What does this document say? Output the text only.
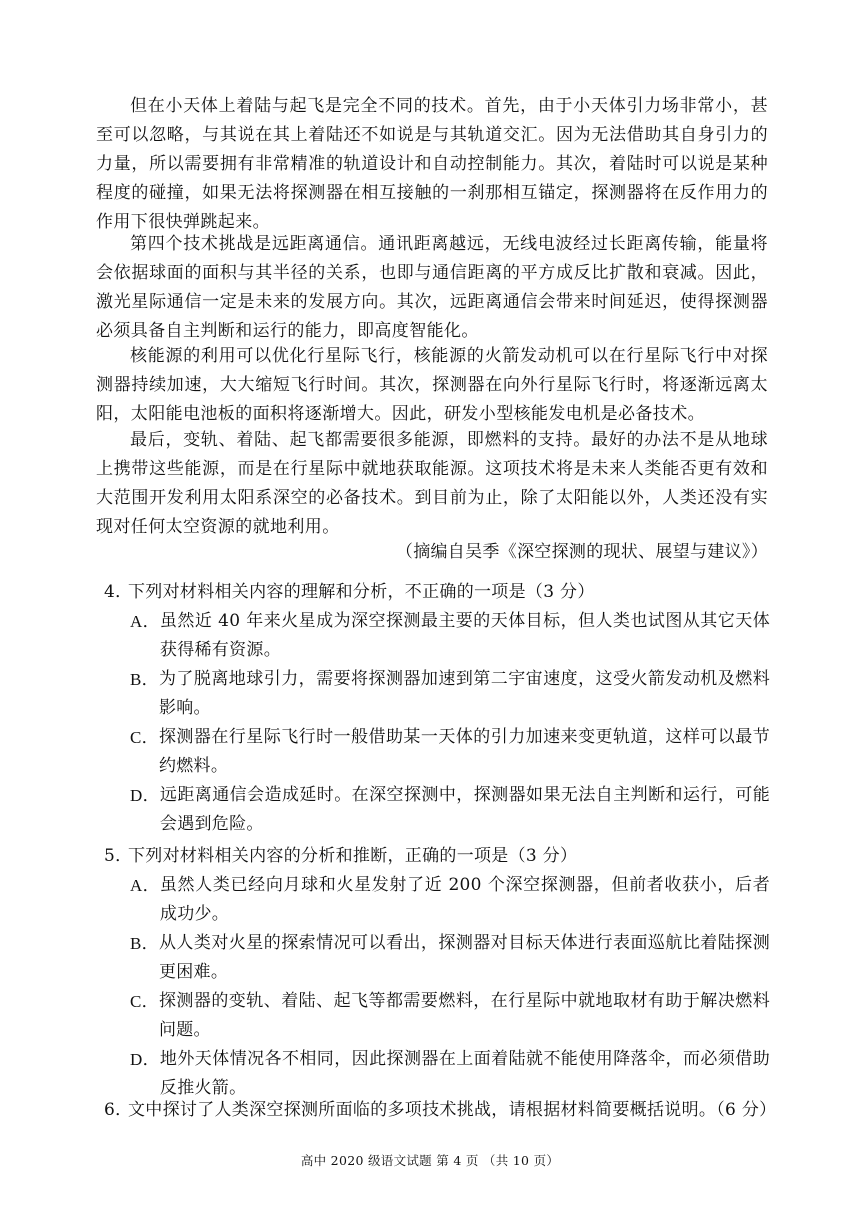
但在小天体上着陆与起飞是完全不同的技术。首先，由于小天体引力场非常小，甚至可以忽略，与其说在其上着陆还不如说是与其轨道交汇。因为无法借助其自身引力的力量，所以需要拥有非常精准的轨道设计和自动控制能力。其次，着陆时可以说是某种程度的碰撞，如果无法将探测器在相互接触的一刹那相互锚定，探测器将在反作用力的作用下很快弹跳起来。

第四个技术挑战是远距离通信。通讯距离越远，无线电波经过长距离传输，能量将会依据球面的面积与其半径的关系，也即与通信距离的平方成反比扩散和衰减。因此，激光星际通信一定是未来的发展方向。其次，远距离通信会带来时间延迟，使得探测器必须具备自主判断和运行的能力，即高度智能化。

核能源的利用可以优化行星际飞行，核能源的火箭发动机可以在行星际飞行中对探测器持续加速，大大缩短飞行时间。其次，探测器在向外行星际飞行时，将逐渐远离太阳，太阳能电池板的面积将逐渐增大。因此，研发小型核能发电机是必备技术。

最后，变轨、着陆、起飞都需要很多能源，即燃料的支持。最好的办法不是从地球上携带这些能源，而是在行星际中就地获取能源。这项技术将是未来人类能否更有效和大范围开发利用太阳系深空的必备技术。到目前为止，除了太阳能以外，人类还没有实现对任何太空资源的就地利用。

（摘编自吴季《深空探测的现状、展望与建议》）
4．下列对材料相关内容的理解和分析，不正确的一项是（3 分）
A． 虽然近 40 年来火星成为深空探测最主要的天体目标，但人类也试图从其它天体获得稀有资源。
B． 为了脱离地球引力，需要将探测器加速到第二宇宙速度，这受火箭发动机及燃料影响。
C． 探测器在行星际飞行时一般借助某一天体的引力加速来变更轨道，这样可以最节约燃料。
D． 远距离通信会造成延时。在深空探测中，探测器如果无法自主判断和运行，可能会遇到危险。
5．下列对材料相关内容的分析和推断，正确的一项是（3 分）
A． 虽然人类已经向月球和火星发射了近 200 个深空探测器，但前者收获小，后者成功少。
B． 从人类对火星的探索情况可以看出，探测器对目标天体进行表面巡航比着陆探测更困难。
C． 探测器的变轨、着陆、起飞等都需要燃料，在行星际中就地取材有助于解决燃料问题。
D． 地外天体情况各不相同，因此探测器在上面着陆就不能使用降落伞，而必须借助反推火箭。
6．文中探讨了人类深空探测所面临的多项技术挑战，请根据材料简要概括说明。（6 分）
高中 2020 级语文试题 第 4 页 （共 10 页）
